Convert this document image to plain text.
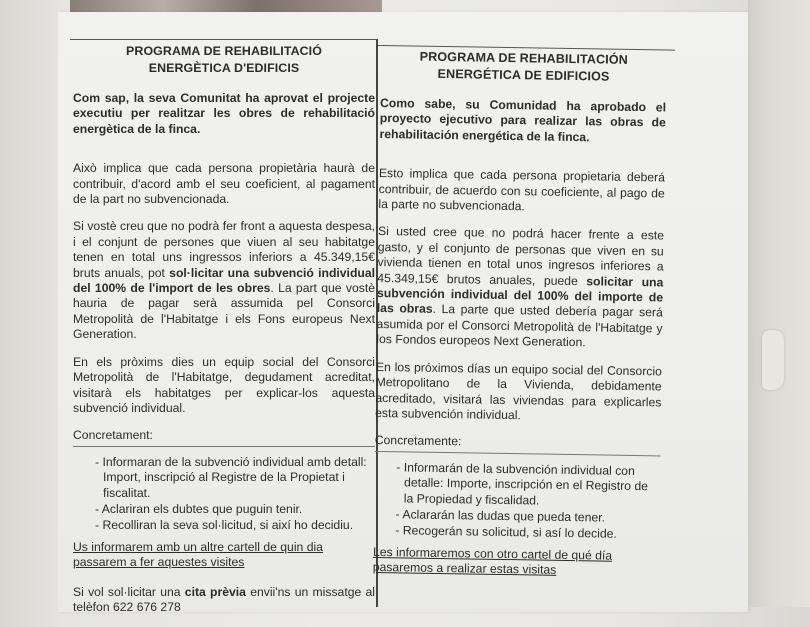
PROGRAMA DE REHABILITACIÓ
ENERGÈTICA D'EDIFICIS

Com sap, la seva Comunitat ha aprovat el projecte executiu per realitzar les obres de rehabilitació energètica de la finca.

Això implica que cada persona propietària haurà de contribuir, d'acord amb el seu coeficient, al pagament de la part no subvencionada.

Si vostè creu que no podrà fer front a aquesta despesa, i el conjunt de persones que viuen al seu habitatge tenen en total uns ingressos inferiors a 45.349,15€ bruts anuals, pot sol·licitar una subvenció individual del 100% de l'import de les obres. La part que vostè hauria de pagar serà assumida pel Consorci Metropolità de l'Habitatge i els Fons europeus Next Generation.

En els pròxims dies un equip social del Consorci Metropolità de l'Habitatge, degudament acreditat, visitarà els habitatges per explicar-los aquesta subvenció individual.

Concretament:
- Informaran de la subvenció individual amb detall: Import, inscripció al Registre de la Propietat i fiscalitat.
- Aclariran els dubtes que puguin tenir.
- Recolliran la seva sol·licitud, si així ho decidiu.

Us informarem amb un altre cartell de quin dia passarem a fer aquestes visites

Si vol sol·licitar una cita prèvia envii'ns un missatge al telèfon 622 676 278

PROGRAMA DE REHABILITACIÓN
ENERGÉTICA DE EDIFICIOS

Como sabe, su Comunidad ha aprobado el proyecto ejecutivo para realizar las obras de rehabilitación energética de la finca.

Esto implica que cada persona propietaria deberá contribuir, de acuerdo con su coeficiente, al pago de la parte no subvencionada.

Si usted cree que no podrá hacer frente a este gasto, y el conjunto de personas que viven en su vivienda tienen en total unos ingresos inferiores a 45.349,15€ brutos anuales, puede solicitar una subvención individual del 100% del importe de las obras. La parte que usted debería pagar será asumida por el Consorci Metropolità de l'Habitatge y los Fondos europeos Next Generation.

En los próximos días un equipo social del Consorcio Metropolitano de la Vivienda, debidamente acreditado, visitará las viviendas para explicarles esta subvención individual.

Concretamente:
- Informarán de la subvención individual con detalle: Importe, inscripción en el Registro de la Propiedad y fiscalidad.
- Aclararán las dudas que pueda tener.
- Recogerán su solicitud, si así lo decide.

Les informaremos con otro cartel de qué día pasaremos a realizar estas visitas
